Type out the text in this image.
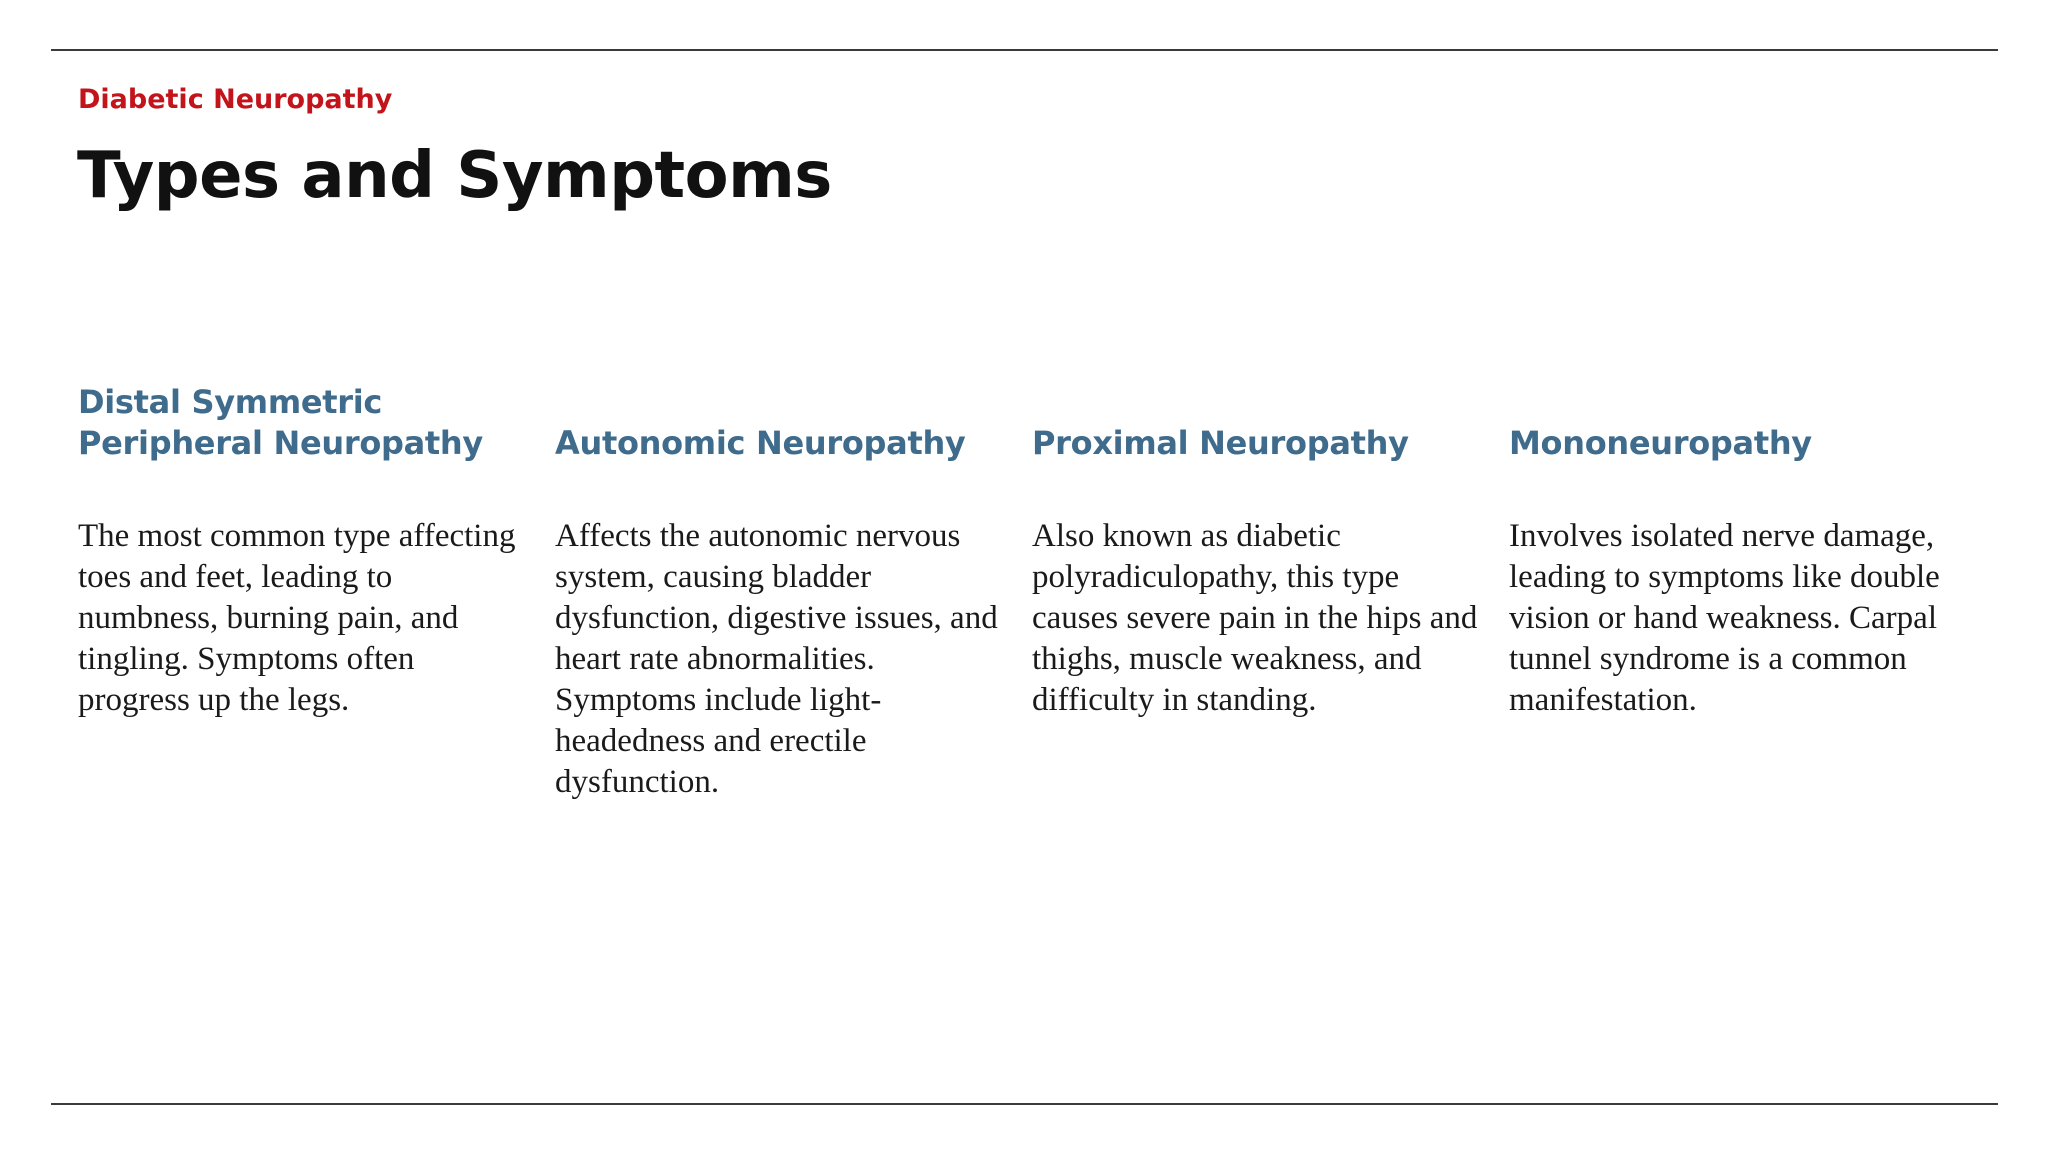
Diabetic Neuropathy

Types and Symptoms
Distal Symmetric Peripheral Neuropathy

The most common type affecting toes and feet, leading to numbness, burning pain, and tingling. Symptoms often progress up the legs.

Autonomic Neuropathy

Affects the autonomic nervous system, causing bladder dysfunction, digestive issues, and heart rate abnormalities. Symptoms include light-headedness and erectile dysfunction.

Proximal Neuropathy

Also known as diabetic polyradiculopathy, this type causes severe pain in the hips and thighs, muscle weakness, and difficulty in standing.

Mononeuropathy

Involves isolated nerve damage, leading to symptoms like double vision or hand weakness. Carpal tunnel syndrome is a common manifestation.
